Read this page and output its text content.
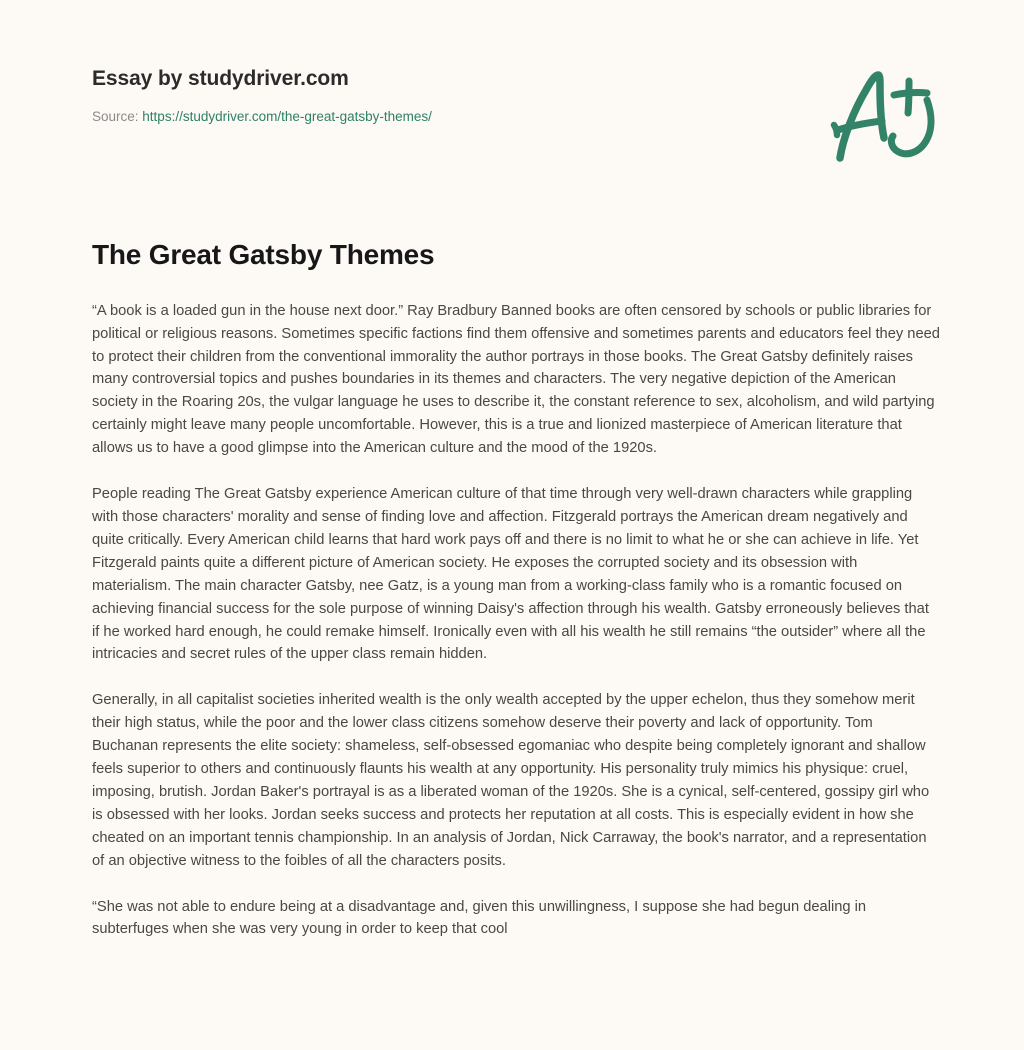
Essay by studydriver.com
Source: https://studydriver.com/the-great-gatsby-themes/
The Great Gatsby Themes

“A book is a loaded gun in the house next door.” Ray Bradbury Banned books are often censored by schools or public libraries for political or religious reasons. Sometimes specific factions find them offensive and sometimes parents and educators feel they need to protect their children from the conventional immorality the author portrays in those books. The Great Gatsby definitely raises many controversial topics and pushes boundaries in its themes and characters. The very negative depiction of the American society in the Roaring 20s, the vulgar language he uses to describe it, the constant reference to sex, alcoholism, and wild partying certainly might leave many people uncomfortable. However, this is a true and lionized masterpiece of American literature that allows us to have a good glimpse into the American culture and the mood of the 1920s.

People reading The Great Gatsby experience American culture of that time through very well-drawn characters while grappling with those characters' morality and sense of finding love and affection. Fitzgerald portrays the American dream negatively and quite critically. Every American child learns that hard work pays off and there is no limit to what he or she can achieve in life. Yet Fitzgerald paints quite a different picture of American society. He exposes the corrupted society and its obsession with materialism. The main character Gatsby, nee Gatz, is a young man from a working-class family who is a romantic focused on achieving financial success for the sole purpose of winning Daisy's affection through his wealth. Gatsby erroneously believes that if he worked hard enough, he could remake himself. Ironically even with all his wealth he still remains “the outsider” where all the intricacies and secret rules of the upper class remain hidden.

Generally, in all capitalist societies inherited wealth is the only wealth accepted by the upper echelon, thus they somehow merit their high status, while the poor and the lower class citizens somehow deserve their poverty and lack of opportunity. Tom Buchanan represents the elite society: shameless, self-obsessed egomaniac who despite being completely ignorant and shallow feels superior to others and continuously flaunts his wealth at any opportunity. His personality truly mimics his physique: cruel, imposing, brutish. Jordan Baker's portrayal is as a liberated woman of the 1920s. She is a cynical, self-centered, gossipy girl who is obsessed with her looks. Jordan seeks success and protects her reputation at all costs. This is especially evident in how she cheated on an important tennis championship. In an analysis of Jordan, Nick Carraway, the book's narrator, and a representation of an objective witness to the foibles of all the characters posits.

“She was not able to endure being at a disadvantage and, given this unwillingness, I suppose she had begun dealing in subterfuges when she was very young in order to keep that cool
